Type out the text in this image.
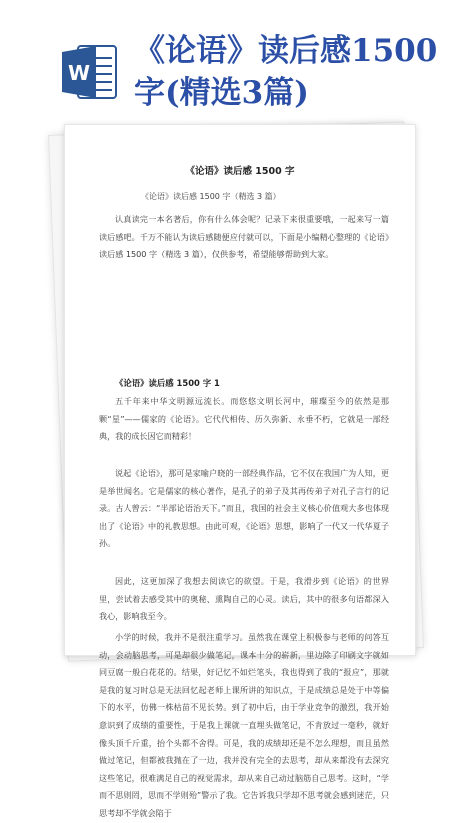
W
《论语》读后感1500字(精选3篇)
《论语》读后感 1500 字
《论语》读后感 1500 字（精选 3 篇）

认真读完一本名著后，你有什么体会呢？记录下来很重要哦，一起来写一篇读后感吧。千万不能认为读后感随便应付就可以，下面是小编精心整理的《论语》读后感 1500 字（精选 3 篇），仅供参考，希望能够帮助到大家。

《论语》读后感 1500 字 1

五千年来中华文明源远流长。而悠悠文明长河中，璀璨至今的依然是那颗“星”——儒家的《论语》。它代代相传、历久弥新、永垂不朽，它就是一部经典，我的成长因它而精彩！

说起《论语》，那可是家喻户晓的一部经典作品，它不仅在我国广为人知，更是举世闻名。它是儒家的核心著作，是孔子的弟子及其再传弟子对孔子言行的记录。古人曾云：“半部论语治天下。”而且，我国的社会主义核心价值观大多也体现出了《论语》中的礼教思想。由此可观，《论语》思想，影响了一代又一代华夏子孙。

因此，这更加深了我想去阅读它的欲望。于是，我滑步到《论语》的世界里，尝试着去感受其中的奥秘、熏陶自己的心灵。读后，其中的很多句语都深入我心，影响我至今。

小学的时候，我并不是很注重学习。虽然我在课堂上积极参与老师的问答互动，会动脑思考，可是却很少做笔记，课本十分的崭新，里边除了印刷文字就如同豆腐一般白花花的。结果，好记忆不如烂笔头，我也得到了我的“报应”，那就是我的复习时总是无法回忆起老师上课所讲的知识点，于是成绩总是处于中等偏下的水平，仿佛一株枯苗不见长势。到了初中后，由于学业竞争的激烈，我开始意识到了成绩的重要性，于是我上课就一直埋头做笔记，不肯放过一毫秒，就好像头顶千斤重，抬个头都不舍得。可是，我的成绩却还是不怎么理想，而且虽然做过笔记，但都被我抛在了一边，我并没有完全的去思考，却从来都没有去深究这些笔记，很难满足自己的视觉需求，却从来自己动过脑筋自己思考。这时，“学而不思则罔，思而不学则殆”警示了我。它告诉我只学却不思考就会感到迷茫，只思考却不学就会陷于
